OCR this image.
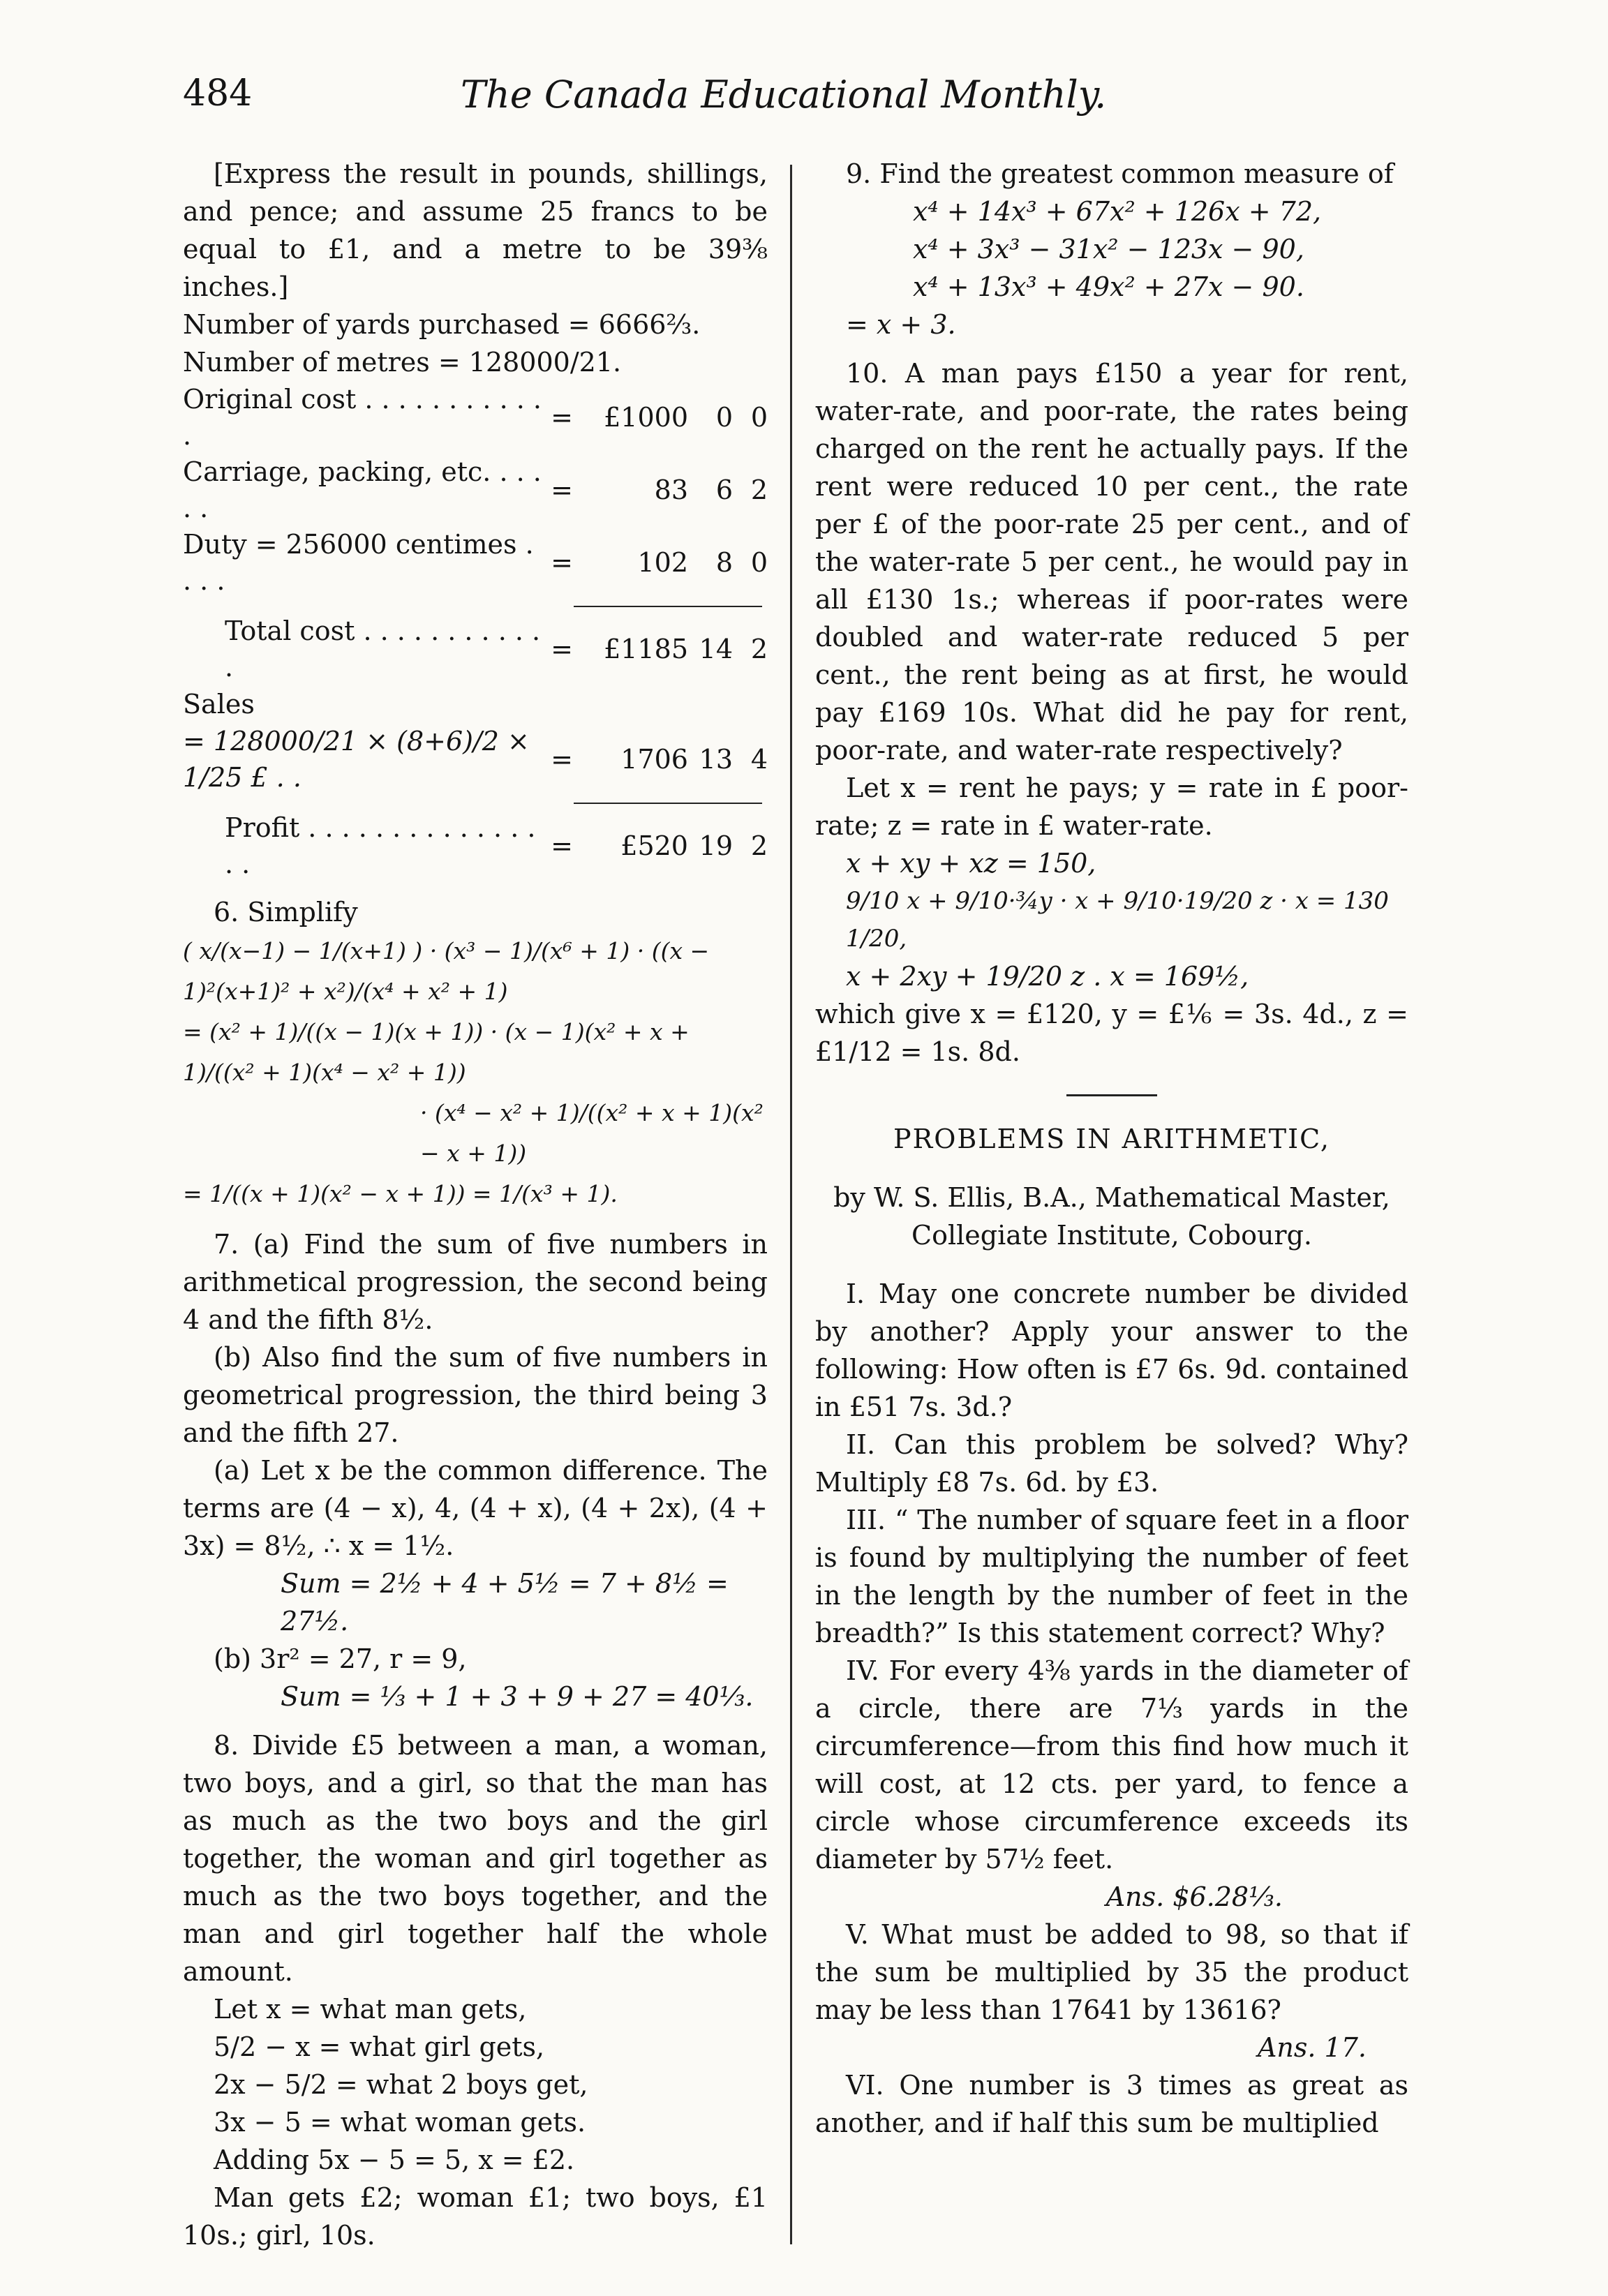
484	The Canada Educational Monthly.

[Express the result in pounds, shillings, and pence; and assume 25 francs to be equal to £1, and a metre to be 39⅜ inches.]

Number of yards purchased = 6666⅔.

Number of metres = 128000/21.

Original cost . . . . . . . . . . . .	=	£1000	0	0
Carriage, packing, etc. . . . . .	=	83	6	2
Duty = 256000 centimes . . . .	=	102	8	0
Total cost . . . . . . . . . . . .	=	£1185	14	2

Sales

= 128000/21 × (8+6)/2 × 1/25 £ . .	=	1706	13	4
Profit . . . . . . . . . . . . . . . .	=	£520	19	2

6. Simplify

( x/(x−1) − 1/(x+1) ) · (x³ − 1)/(x⁶ + 1) · ((x − 1)²(x+1)² + x²)/(x⁴ + x² + 1)

= (x² + 1)/((x − 1)(x + 1)) · (x − 1)(x² + x + 1)/((x² + 1)(x⁴ − x² + 1))

· (x⁴ − x² + 1)/((x² + x + 1)(x² − x + 1))

= 1/((x + 1)(x² − x + 1)) = 1/(x³ + 1).

7. (a) Find the sum of five numbers in arithmetical progression, the second being 4 and the fifth 8½.

(b) Also find the sum of five numbers in geometrical progression, the third being 3 and the fifth 27.

(a) Let x be the common difference. The terms are (4 − x), 4, (4 + x), (4 + 2x), (4 + 3x) = 8½, ∴ x = 1½.

Sum = 2½ + 4 + 5½ = 7 + 8½ = 27½.

(b) 3r² = 27, r = 9,

Sum = ⅓ + 1 + 3 + 9 + 27 = 40⅓.

8. Divide £5 between a man, a woman, two boys, and a girl, so that the man has as much as the two boys and the girl together, the woman and girl together as much as the two boys together, and the man and girl together half the whole amount.

Let x = what man gets,

5/2 − x = what girl gets,

2x − 5/2 = what 2 boys get,

3x − 5 = what woman gets.

Adding 5x − 5 = 5, x = £2.

Man gets £2; woman £1; two boys, £1 10s.; girl, 10s.

9. Find the greatest common measure of

x⁴ + 14x³ + 67x² + 126x + 72,

x⁴ + 3x³ − 31x² − 123x − 90,

x⁴ + 13x³ + 49x² + 27x − 90.

= x + 3.

10. A man pays £150 a year for rent, water-rate, and poor-rate, the rates being charged on the rent he actually pays. If the rent were reduced 10 per cent., the rate per £ of the poor-rate 25 per cent., and of the water-rate 5 per cent., he would pay in all £130 1s.; whereas if poor-rates were doubled and water-rate reduced 5 per cent., the rent being as at first, he would pay £169 10s. What did he pay for rent, poor-rate, and water-rate respectively?

Let x = rent he pays; y = rate in £ poor-rate; z = rate in £ water-rate.

x + xy + xz = 150,

9/10 x + 9/10·¾y · x + 9/10·19/20 z · x = 130 1/20,

x + 2xy + 19/20 z . x = 169½,

which give x = £120, y = £⅙ = 3s. 4d., z = £1/12 = 1s. 8d.

PROBLEMS IN ARITHMETIC,

by W. S. Ellis, B.A., Mathematical Master,

Collegiate Institute, Cobourg.

I. May one concrete number be divided by another? Apply your answer to the following: How often is £7 6s. 9d. contained in £51 7s. 3d.?

II. Can this problem be solved? Why? Multiply £8 7s. 6d. by £3.

III. “ The number of square feet in a floor is found by multiplying the number of feet in the length by the number of feet in the breadth?” Is this statement correct? Why?

IV. For every 4⅜ yards in the diameter of a circle, there are 7⅓ yards in the circumference—from this find how much it will cost, at 12 cts. per yard, to fence a circle whose circumference exceeds its diameter by 57½ feet.

Ans. $6.28⅓.

V. What must be added to 98, so that if the sum be multiplied by 35 the product may be less than 17641 by 13616?

Ans. 17.

VI. One number is 3 times as great as another, and if half this sum be multiplied
